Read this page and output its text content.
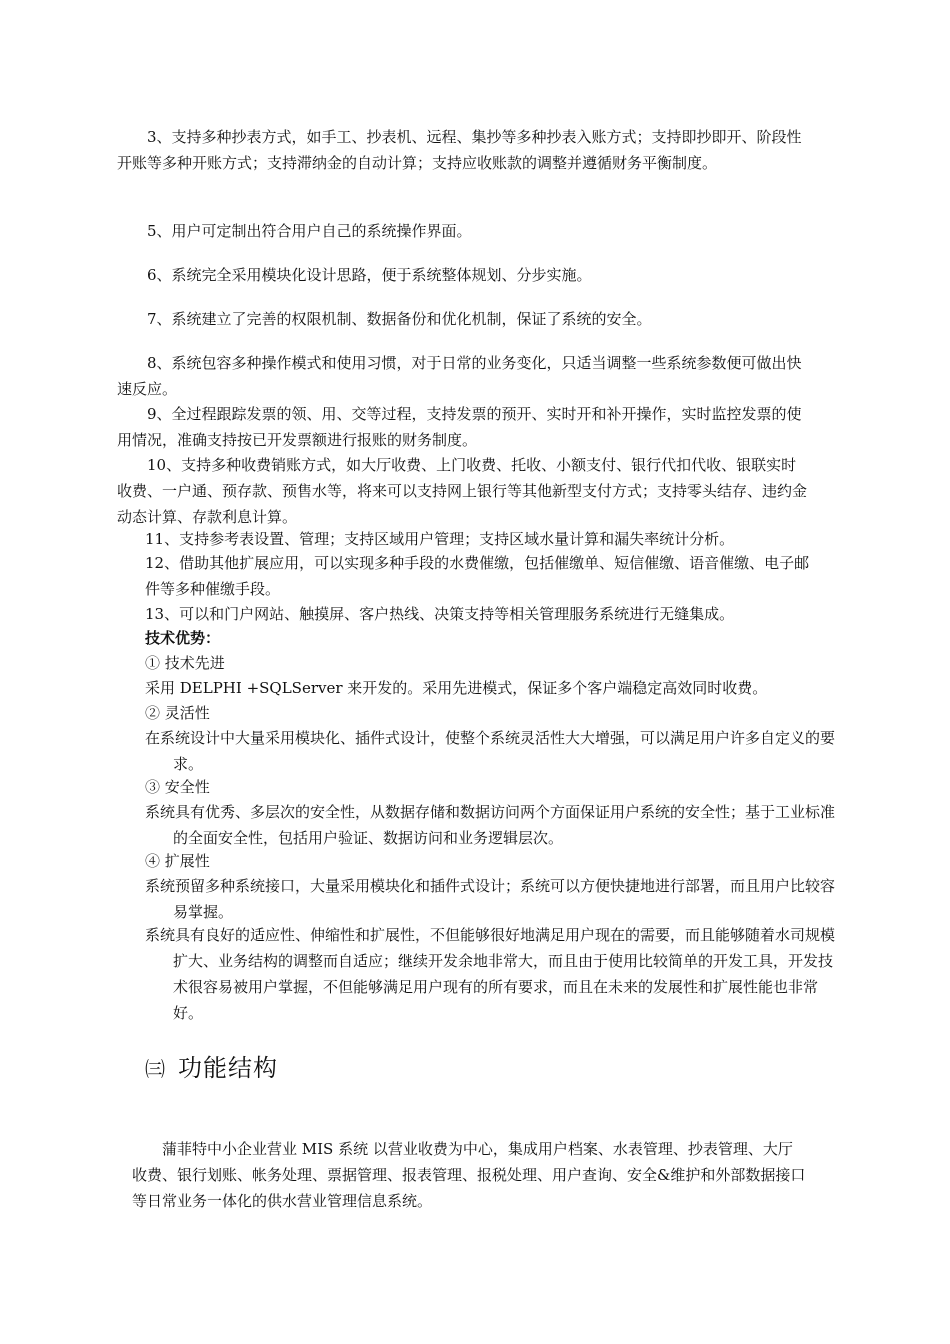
3、支持多种抄表方式，如手工、抄表机、远程、集抄等多种抄表入账方式；支持即抄即开、阶段性开账等多种开账方式；支持滞纳金的自动计算；支持应收账款的调整并遵循财务平衡制度。

5、用户可定制出符合用户自己的系统操作界面。

6、系统完全采用模块化设计思路，便于系统整体规划、分步实施。

7、系统建立了完善的权限机制、数据备份和优化机制，保证了系统的安全。

8、系统包容多种操作模式和使用习惯，对于日常的业务变化，只适当调整一些系统参数便可做出快速反应。

9、全过程跟踪发票的领、用、交等过程，支持发票的预开、实时开和补开操作，实时监控发票的使用情况，准确支持按已开发票额进行报账的财务制度。

10、支持多种收费销账方式，如大厅收费、上门收费、托收、小额支付、银行代扣代收、银联实时收费、一户通、预存款、预售水等，将来可以支持网上银行等其他新型支付方式；支持零头结存、违约金动态计算、存款利息计算。

11、支持参考表设置、管理；支持区域用户管理；支持区域水量计算和漏失率统计分析。

12、借助其他扩展应用，可以实现多种手段的水费催缴，包括催缴单、短信催缴、语音催缴、电子邮件等多种催缴手段。

13、可以和门户网站、触摸屏、客户热线、决策支持等相关管理服务系统进行无缝集成。

技术优势：

① 技术先进

采用 DELPHI +SQLServer 来开发的。采用先进模式，保证多个客户端稳定高效同时收费。

② 灵活性

在系统设计中大量采用模块化、插件式设计，使整个系统灵活性大大增强，可以满足用户许多自定义的要求。

③ 安全性

系统具有优秀、多层次的安全性，从数据存储和数据访问两个方面保证用户系统的安全性；基于工业标准的全面安全性，包括用户验证、数据访问和业务逻辑层次。

④ 扩展性

系统预留多种系统接口，大量采用模块化和插件式设计；系统可以方便快捷地进行部署，而且用户比较容易掌握。

系统具有良好的适应性、伸缩性和扩展性，不但能够很好地满足用户现在的需要，而且能够随着水司规模扩大、业务结构的调整而自适应；继续开发余地非常大，而且由于使用比较简单的开发工具，开发技术很容易被用户掌握，不但能够满足用户现有的所有要求，而且在未来的发展性和扩展性能也非常好。

㈢ 功能结构

蒲菲特中小企业营业 MIS 系统 以营业收费为中心，集成用户档案、水表管理、抄表管理、大厅收费、银行划账、帐务处理、票据管理、报表管理、报税处理、用户查询、安全&维护和外部数据接口等日常业务一体化的供水营业管理信息系统。
